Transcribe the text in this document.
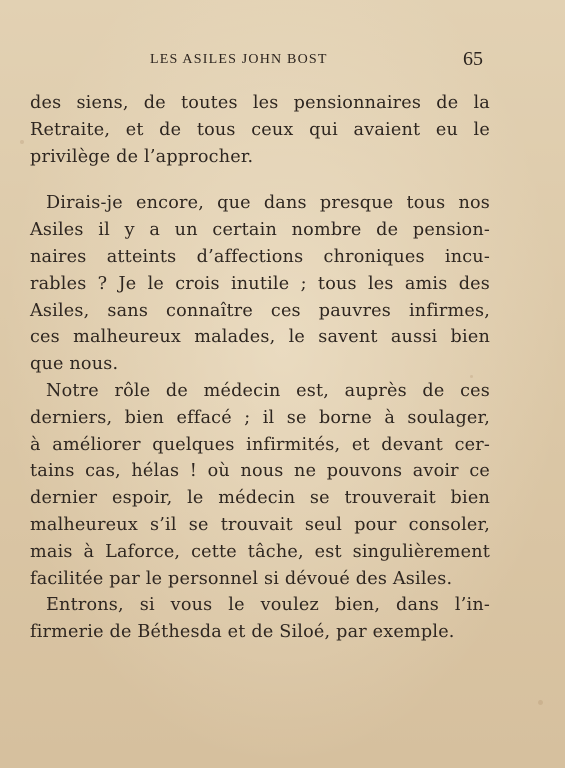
LES ASILES JOHN BOST	65
des siens, de toutes les pensionnaires de la
Retraite, et de tous ceux qui avaient eu le
privilège de l’approcher.
Dirais-je encore, que dans presque tous nos
Asiles il y a un certain nombre de pension-
naires atteints d’affections chroniques incu-
rables ? Je le crois inutile ; tous les amis des
Asiles, sans connaître ces pauvres infirmes,
ces malheureux malades, le savent aussi bien
que nous.
Notre rôle de médecin est, auprès de ces
derniers, bien effacé ; il se borne à soulager,
à améliorer quelques infirmités, et devant cer-
tains cas, hélas ! où nous ne pouvons avoir ce
dernier espoir, le médecin se trouverait bien
malheureux s’il se trouvait seul pour consoler,
mais à Laforce, cette tâche, est singulièrement
facilitée par le personnel si dévoué des Asiles.
Entrons, si vous le voulez bien, dans l’in-
firmerie de Béthesda et de Siloé, par exemple.
